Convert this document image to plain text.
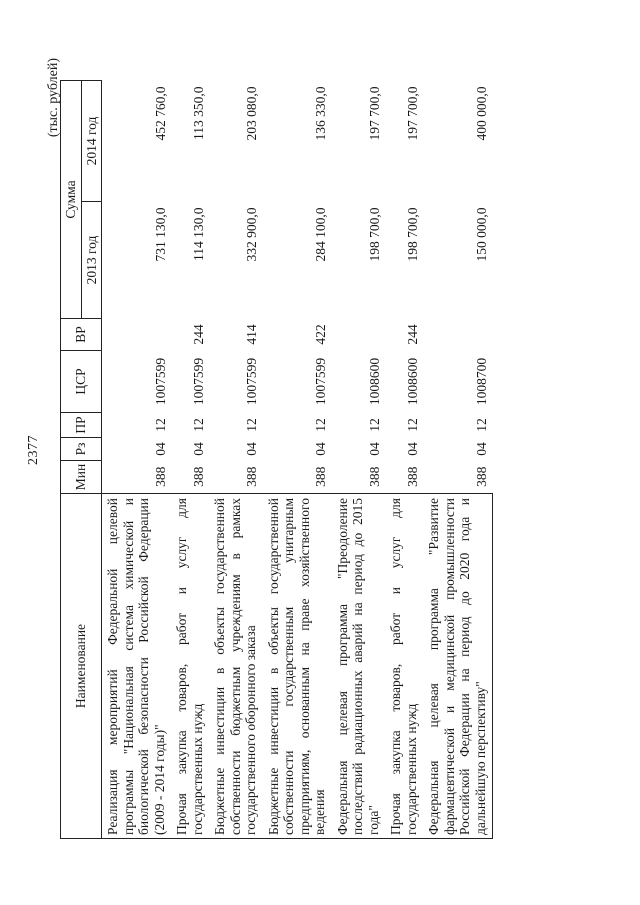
2377
(тыс. рублей)
Наименование	Мин	Рз	ПР	ЦСР	ВР	Сумма	
						2013 год	2014 год
Реализация мероприятий Федеральной целевой программы "Национальная система химической и биологической безопасности Российской Федерации (2009 - 2014 годы)"	388	04	12	1007599		731 130,0	452 760,0
Прочая закупка товаров, работ и услуг для государственных нужд	388	04	12	1007599	244	114 130,0	113 350,0
Бюджетные инвестиции в объекты государственной собственности бюджетным учреждениям в рамках государственного оборонного заказа	388	04	12	1007599	414	332 900,0	203 080,0
Бюджетные инвестиции в объекты государственной собственности государственным унитарным предприятиям, основанным на праве хозяйственного ведения	388	04	12	1007599	422	284 100,0	136 330,0
Федеральная целевая программа "Преодоление последствий радиационных аварий на период до 2015 года"	388	04	12	1008600		198 700,0	197 700,0
Прочая закупка товаров, работ и услуг для государственных нужд	388	04	12	1008600	244	198 700,0	197 700,0
Федеральная целевая программа "Развитие фармацевтической и медицинской промышленности Российской Федерации на период до 2020 года и дальнейшую перспективу"	388	04	12	1008700		150 000,0	400 000,0
